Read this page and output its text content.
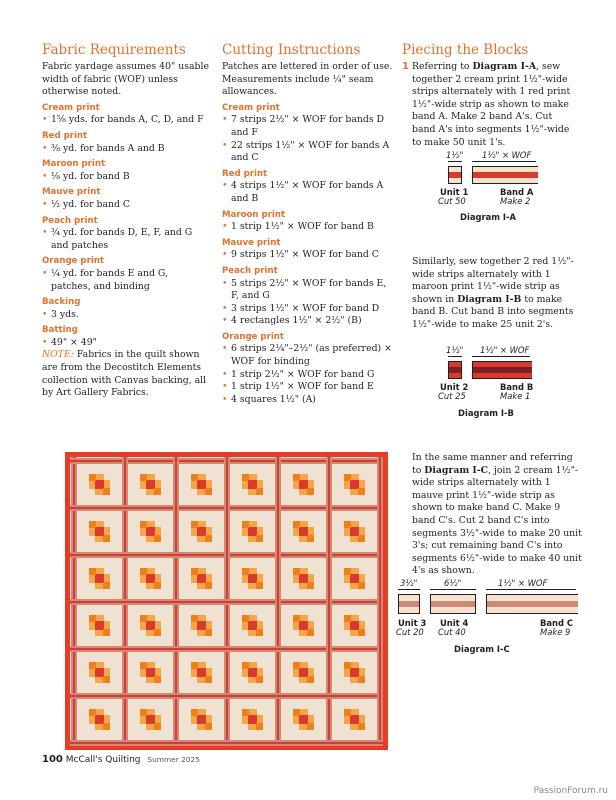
Fabric Requirements

Fabric yardage assumes 40" usable width of fabric (WOF) unless otherwise noted.

Cream print
• 1⅝ yds. for bands A, C, D, and F
Red print
• ⅜ yd. for bands A and B
Maroon print
• ⅛ yd. for band B
Mauve print
• ½ yd. for band C
Peach print
• ¾ yd. for bands D, E, F, and G and patches
Orange print
• ¼ yd. for bands E and G, patches, and binding
Backing
• 3 yds.
Batting
• 49" × 49"

NOTE: Fabrics in the quilt shown are from the Decostitch Elements collection with Canvas backing, all by Art Gallery Fabrics.

Cutting Instructions

Patches are lettered in order of use. Measurements include ¼" seam allowances.

Cream print
• 7 strips 2½" × WOF for bands D and F
• 22 strips 1½" × WOF for bands A and C
Red print
• 4 strips 1½" × WOF for bands A and B
Maroon print
• 1 strip 1½" × WOF for band B
Mauve print
• 9 strips 1½" × WOF for band C
Peach print
• 5 strips 2½" × WOF for bands E, F, and G
• 3 strips 1½" × WOF for band D
• 4 rectangles 1½" × 2½" (B)
Orange print
• 6 strips 2¼"–2½" (as preferred) × WOF for binding
• 1 strip 2½" × WOF for band G
• 1 strip 1½" × WOF for band E
• 4 squares 1½" (A)
Piecing the Blocks
1 Referring to Diagram I-A, sew together 2 cream print 1½"-wide strips alternately with 1 red print 1½"-wide strip as shown to make band A. Make 2 band A's. Cut band A's into segments 1½"-wide to make 50 unit 1's.
1½" 1½" × WOF
Unit 1
Cut 50
Band A
Make 2
Diagram I-A

Similarly, sew together 2 red 1½"-wide strips alternately with 1 maroon print 1½"-wide strip as shown in Diagram I-B to make band B. Cut band B into segments 1½"-wide to make 25 unit 2's.

1½" 1½" × WOF
Unit 2
Cut 25
Band B
Make 1
Diagram I-B

In the same manner and referring to Diagram I-C, join 2 cream 1½"-wide strips alternately with 1 mauve print 1½"-wide strip as shown to make band C. Make 9 band C's. Cut 2 band C's into segments 3½"-wide to make 20 unit 3's; cut remaining band C's into segments 6½"-wide to make 40 unit 4's as shown.

3½"	6½"	1½" × WOF
Unit 3
Cut 20
Unit 4
Cut 40
Band C
Make 9
Diagram I-C
100 McCall's Quilting Summer 2025
PassionForum.ru
